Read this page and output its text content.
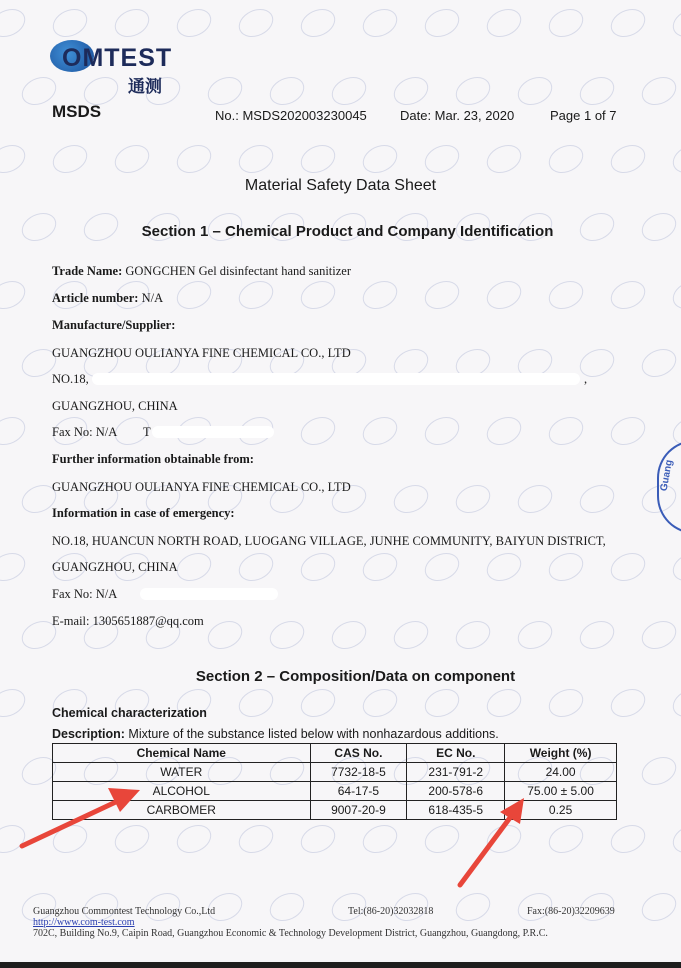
OMTEST
通测
MSDS	No.: MSDS202003230045	Date: Mar. 23, 2020	Page 1 of 7
Material Safety Data Sheet
Section 1 – Chemical Product and Company Identification
Trade Name: GONGCHEN Gel disinfectant hand sanitizer
Article number: N/A
Manufacture/Supplier:
GUANGZHOU OULIANYA FINE CHEMICAL CO., LTD
NO.18,	,
GUANGZHOU, CHINA
Fax No: N/A T
Further information obtainable from:
GUANGZHOU OULIANYA FINE CHEMICAL CO., LTD
Information in case of emergency:
NO.18, HUANCUN NORTH ROAD, LUOGANG VILLAGE, JUNHE COMMUNITY, BAIYUN DISTRICT,
GUANGZHOU, CHINA
Fax No: N/A
E-mail: 1305651887@qq.com
Section 2 – Composition/Data on component
Chemical characterization
Description: Mixture of the substance listed below with nonhazardous additions.
Chemical Name	CAS No.	EC No.	Weight (%)
WATER	7732-18-5	231-791-2	24.00
ALCOHOL	64-17-5	200-578-6	75.00 ± 5.00
CARBOMER	9007-20-9	618-435-5	0.25
Guang
Guangzhou Commontest Technology Co.,Ltd
http://www.com-test.com
Tel:(86-20)32032818	Fax:(86-20)32209639
702C, Building No.9, Caipin Road, Guangzhou Economic & Technology Development District, Guangzhou, Guangdong, P.R.C.
